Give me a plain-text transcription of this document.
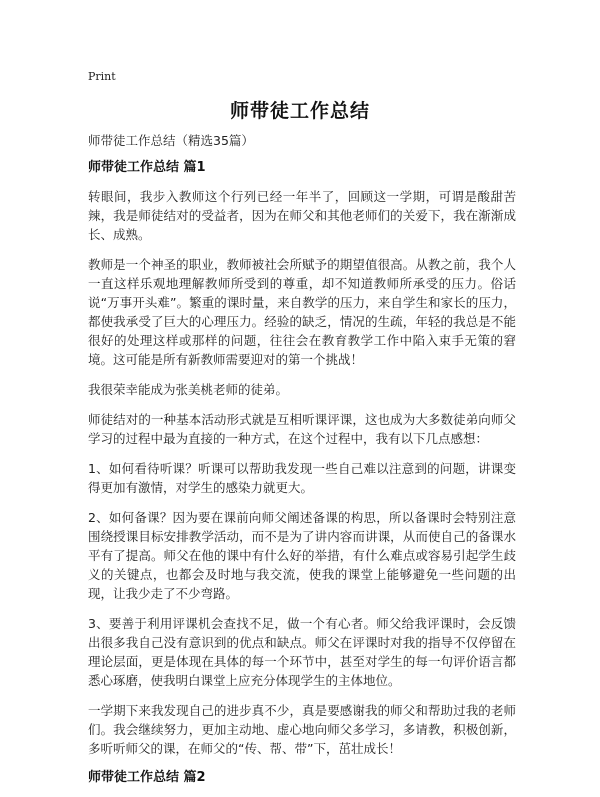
Print
师带徒工作总结
师带徒工作总结（精选35篇）
师带徒工作总结 篇1

转眼间，我步入教师这个行列已经一年半了，回顾这一学期，可谓是酸甜苦辣，我是师徒结对的受益者，因为在师父和其他老师们的关爱下，我在渐渐成长、成熟。

教师是一个神圣的职业，教师被社会所赋予的期望值很高。从教之前，我个人一直这样乐观地理解教师所受到的尊重，却不知道教师所承受的压力。俗话说“万事开头难”。繁重的课时量，来自教学的压力，来自学生和家长的压力，都使我承受了巨大的心理压力。经验的缺乏，情况的生疏，年轻的我总是不能很好的处理这样或那样的问题，往往会在教育教学工作中陷入束手无策的窘境。这可能是所有新教师需要迎对的第一个挑战！

我很荣幸能成为张美桃老师的徒弟。

师徒结对的一种基本活动形式就是互相听课评课，这也成为大多数徒弟向师父学习的过程中最为直接的一种方式，在这个过程中，我有以下几点感想：

1、如何看待听课？听课可以帮助我发现一些自己难以注意到的问题，讲课变得更加有激情，对学生的感染力就更大。

2、如何备课？因为要在课前向师父阐述备课的构思，所以备课时会特别注意围绕授课目标安排教学活动，而不是为了讲内容而讲课，从而使自己的备课水平有了提高。师父在他的课中有什么好的举措，有什么难点或容易引起学生歧义的关键点，也都会及时地与我交流，使我的课堂上能够避免一些问题的出现，让我少走了不少弯路。

3、要善于利用评课机会查找不足，做一个有心者。师父给我评课时，会反馈出很多我自己没有意识到的优点和缺点。师父在评课时对我的指导不仅停留在理论层面，更是体现在具体的每一个环节中，甚至对学生的每一句评价语言都悉心琢磨，使我明白课堂上应充分体现学生的主体地位。

一学期下来我发现自己的进步真不少，真是要感谢我的师父和帮助过我的老师们。我会继续努力，更加主动地、虚心地向师父多学习，多请教，积极创新，多听听师父的课，在师父的“传、帮、带”下，茁壮成长！

师带徒工作总结 篇2
